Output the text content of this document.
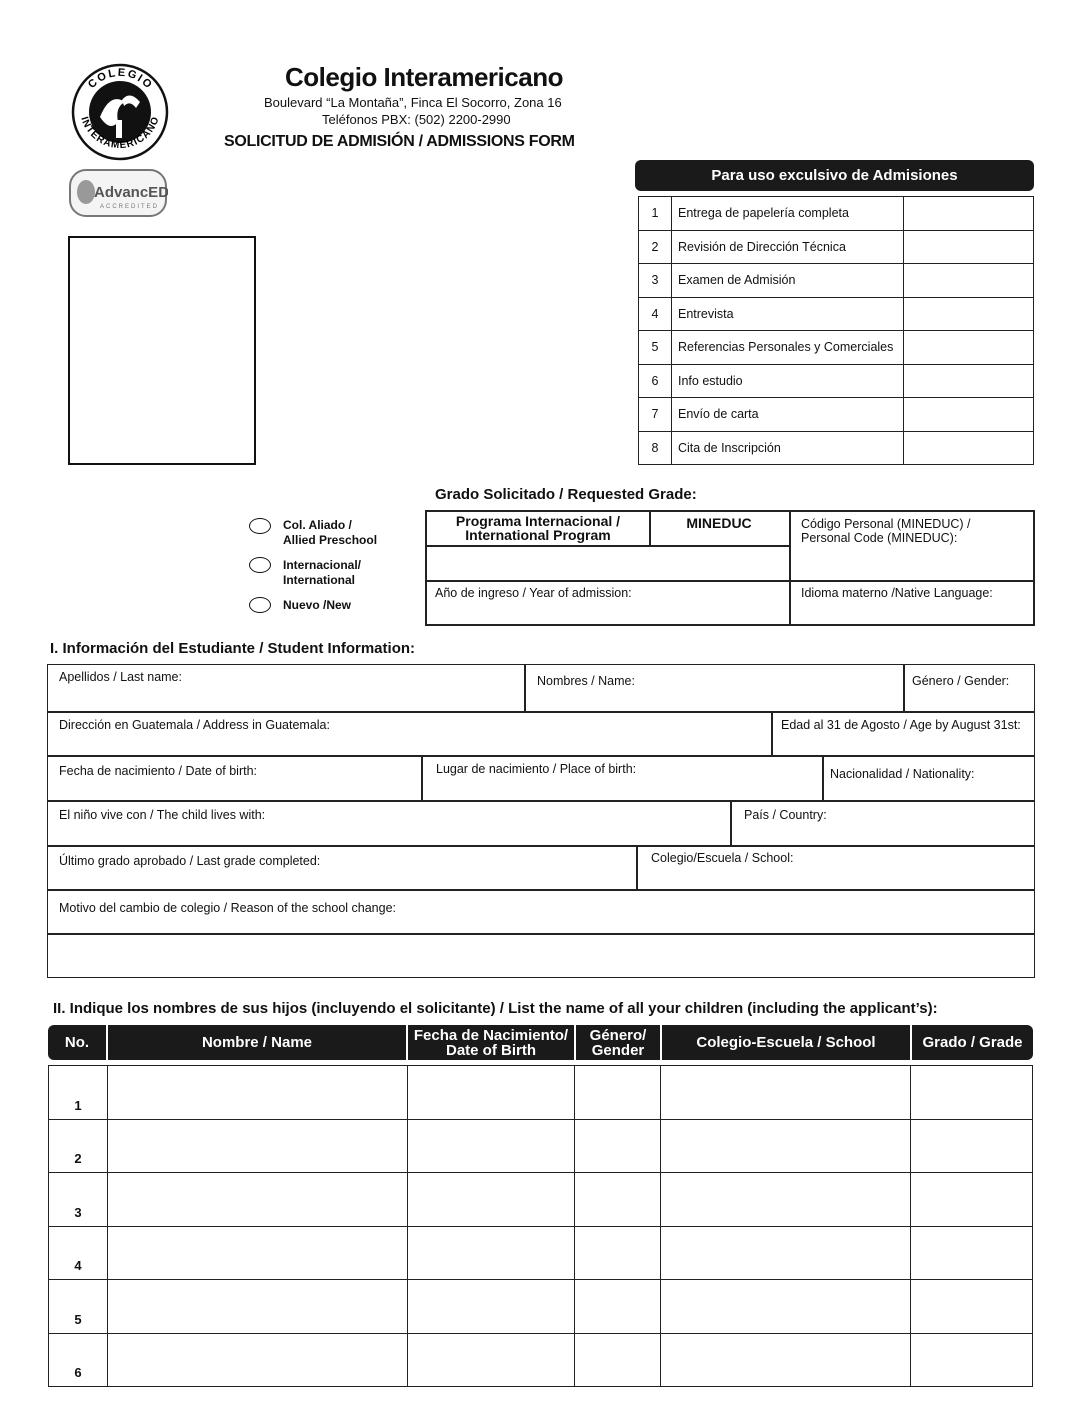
COLEGIO
INTERAMERICANO
AdvancED
ACCREDITED
Colegio Interamericano
Boulevard “La Montaña”, Finca El Socorro, Zona 16
Teléfonos PBX: (502) 2200-2990
SOLICITUD DE ADMISIÓN / ADMISSIONS FORM
Para uso exculsivo de Admisiones
1	Entrega de papelería completa	
2	Revisión de Dirección Técnica	
3	Examen de Admisión	
4	Entrevista	
5	Referencias Personales y Comerciales	
6	Info estudio	
7	Envío de carta	
8	Cita de Inscripción	
Grado Solicitado / Requested Grade:
Col. Aliado /
Allied Preschool
Internacional/
International
Nuevo /New
Programa Internacional /
International Program
MINEDUC	Código Personal (MINEDUC) /
Personal Code (MINEDUC):
Año de ingreso / Year of admission:	Idioma materno /Native Language:
I. Información del Estudiante / Student Information:
Apellidos / Last name:	Nombres / Name:	Género / Gender:
Dirección en Guatemala / Address in Guatemala:	Edad al 31 de Agosto / Age by August 31st:
Fecha de nacimiento / Date of birth:	Lugar de nacimiento / Place of birth:	Nacionalidad / Nationality:
El niño vive con / The child lives with:	País / Country:
Último grado aprobado / Last grade completed:	Colegio/Escuela / School:
Motivo del cambio de colegio / Reason of the school change:
II. Indique los nombres de sus hijos (incluyendo el solicitante) / List the name of all your children (including the applicant’s):
No.	Nombre / Name	Fecha de Nacimiento/
Date of Birth
Género/
Gender	Colegio-Escuela / School	Grado / Grade
1					
2					
3					
4					
5					
6					
